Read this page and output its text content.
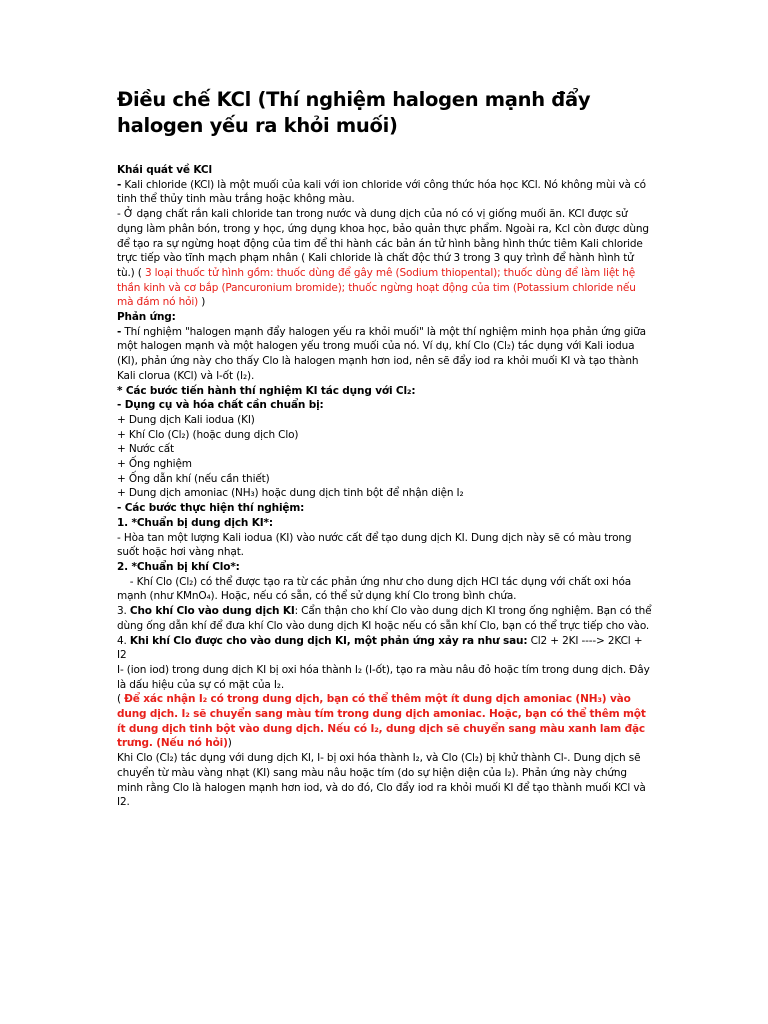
Điều chế KCl (Thí nghiệm halogen mạnh đẩy halogen yếu ra khỏi muối)

Khái quát về KCl

- Kali chloride (KCl) là một muối của kali với ion chloride với công thức hóa học KCl. Nó không mùi và có tinh thể thủy tinh màu trắng hoặc không màu.

- Ở dạng chất rắn kali chloride tan trong nước và dung dịch của nó có vị giống muối ăn. KCl được sử dụng làm phân bón, trong y học, ứng dụng khoa học, bảo quản thực phẩm. Ngoài ra, Kcl còn được dùng để tạo ra sự ngừng hoạt động của tim để thi hành các bản án tử hình bằng hình thức tiêm Kali chloride trực tiếp vào tĩnh mạch phạm nhân ( Kali chloride là chất độc thứ 3 trong 3 quy trình để hành hình tử tù.) ( 3 loại thuốc tử hình gồm: thuốc dùng để gây mê (Sodium thiopental); thuốc dùng để làm liệt hệ thần kinh và cơ bắp (Pancuronium bromide); thuốc ngừng hoạt động của tim (Potassium chloride nếu mà đám nó hỏi) )

Phản ứng:

- Thí nghiệm "halogen mạnh đẩy halogen yếu ra khỏi muối" là một thí nghiệm minh họa phản ứng giữa một halogen mạnh và một halogen yếu trong muối của nó. Ví dụ, khí Clo (Cl₂) tác dụng với Kali iodua (KI), phản ứng này cho thấy Clo là halogen mạnh hơn iod, nên sẽ đẩy iod ra khỏi muối KI và tạo thành Kali clorua (KCl) và I-ốt (I₂).

* Các bước tiến hành thí nghiệm KI tác dụng với Cl₂:

- Dụng cụ và hóa chất cần chuẩn bị:

+ Dung dịch Kali iodua (KI)

+ Khí Clo (Cl₂) (hoặc dung dịch Clo)

+ Nước cất

+ Ống nghiệm

+ Ống dẫn khí (nếu cần thiết)

+ Dung dịch amoniac (NH₃) hoặc dung dịch tinh bột để nhận diện I₂

- Các bước thực hiện thí nghiệm:

1. *Chuẩn bị dung dịch KI*:

- Hòa tan một lượng Kali iodua (KI) vào nước cất để tạo dung dịch KI. Dung dịch này sẽ có màu trong suốt hoặc hơi vàng nhạt.

2. *Chuẩn bị khí Clo*:

- Khí Clo (Cl₂) có thể được tạo ra từ các phản ứng như cho dung dịch HCl tác dụng với chất oxi hóa mạnh (như KMnO₄). Hoặc, nếu có sẵn, có thể sử dụng khí Clo trong bình chứa.

3. Cho khí Clo vào dung dịch KI: Cẩn thận cho khí Clo vào dung dịch KI trong ống nghiệm. Bạn có thể dùng ống dẫn khí để đưa khí Clo vào dung dịch KI hoặc nếu có sẵn khí Clo, bạn có thể trực tiếp cho vào.

4. Khi khí Clo được cho vào dung dịch KI, một phản ứng xảy ra như sau: Cl2 + 2KI ----> 2KCl + I2

I- (ion iod) trong dung dịch KI bị oxi hóa thành I₂ (I-ốt), tạo ra màu nâu đỏ hoặc tím trong dung dịch. Đây là dấu hiệu của sự có mặt của I₂.

( Để xác nhận I₂ có trong dung dịch, bạn có thể thêm một ít dung dịch amoniac (NH₃) vào dung dịch. I₂ sẽ chuyển sang màu tím trong dung dịch amoniac. Hoặc, bạn có thể thêm một ít dung dịch tinh bột vào dung dịch. Nếu có I₂, dung dịch sẽ chuyển sang màu xanh lam đặc trưng. (Nếu nó hỏi))

Khi Clo (Cl₂) tác dụng với dung dịch KI, I- bị oxi hóa thành I₂, và Clo (Cl₂) bị khử thành Cl-. Dung dịch sẽ chuyển từ màu vàng nhạt (KI) sang màu nâu hoặc tím (do sự hiện diện của I₂). Phản ứng này chứng minh rằng Clo là halogen mạnh hơn iod, và do đó, Clo đẩy iod ra khỏi muối KI để tạo thành muối KCl và I2.
